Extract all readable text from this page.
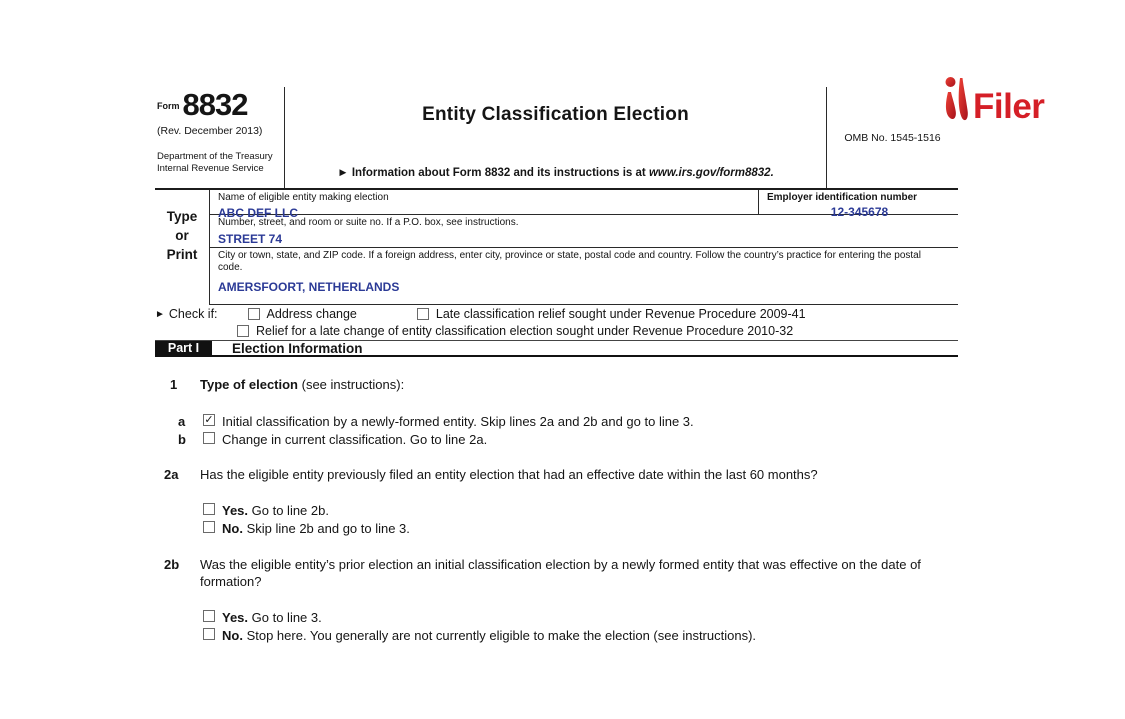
Filer
$^{Form}$8832
(Rev. December 2013)
Department of the Treasury
Internal Revenue Service
Entity Classification Election
► Information about Form 8832 and its instructions is at www.irs.gov/form8832.
OMB No. 1545-1516
Type
or
Print
Name of eligible entity making election
ABC DEF LLC
Employer identification number
12-345678
Number, street, and room or suite no. If a P.O. box, see instructions.
STREET 74
City or town, state, and ZIP code. If a foreign address, enter city, province or state, postal code and country. Follow the country’s practice for entering the postal code.
AMERSFOORT, NETHERLANDS
► Check if:	Address change	Late classification relief sought under Revenue Procedure 2009-41
Relief for a late change of entity classification election sought under Revenue Procedure 2010-32
Part I	Election Information
1 Type of election (see instructions):
a	✓ Initial classification by a newly-formed entity. Skip lines 2a and 2b and go to line 3.
b	Change in current classification. Go to line 2a.
2a	Has the eligible entity previously filed an entity election that had an effective date within the last 60 months?
Yes. Go to line 2b.
No. Skip line 2b and go to line 3.
2b	Was the eligible entity’s prior election an initial classification election by a newly formed entity that was effective on the date of formation?
Yes. Go to line 3.
No. Stop here. You generally are not currently eligible to make the election (see instructions).
